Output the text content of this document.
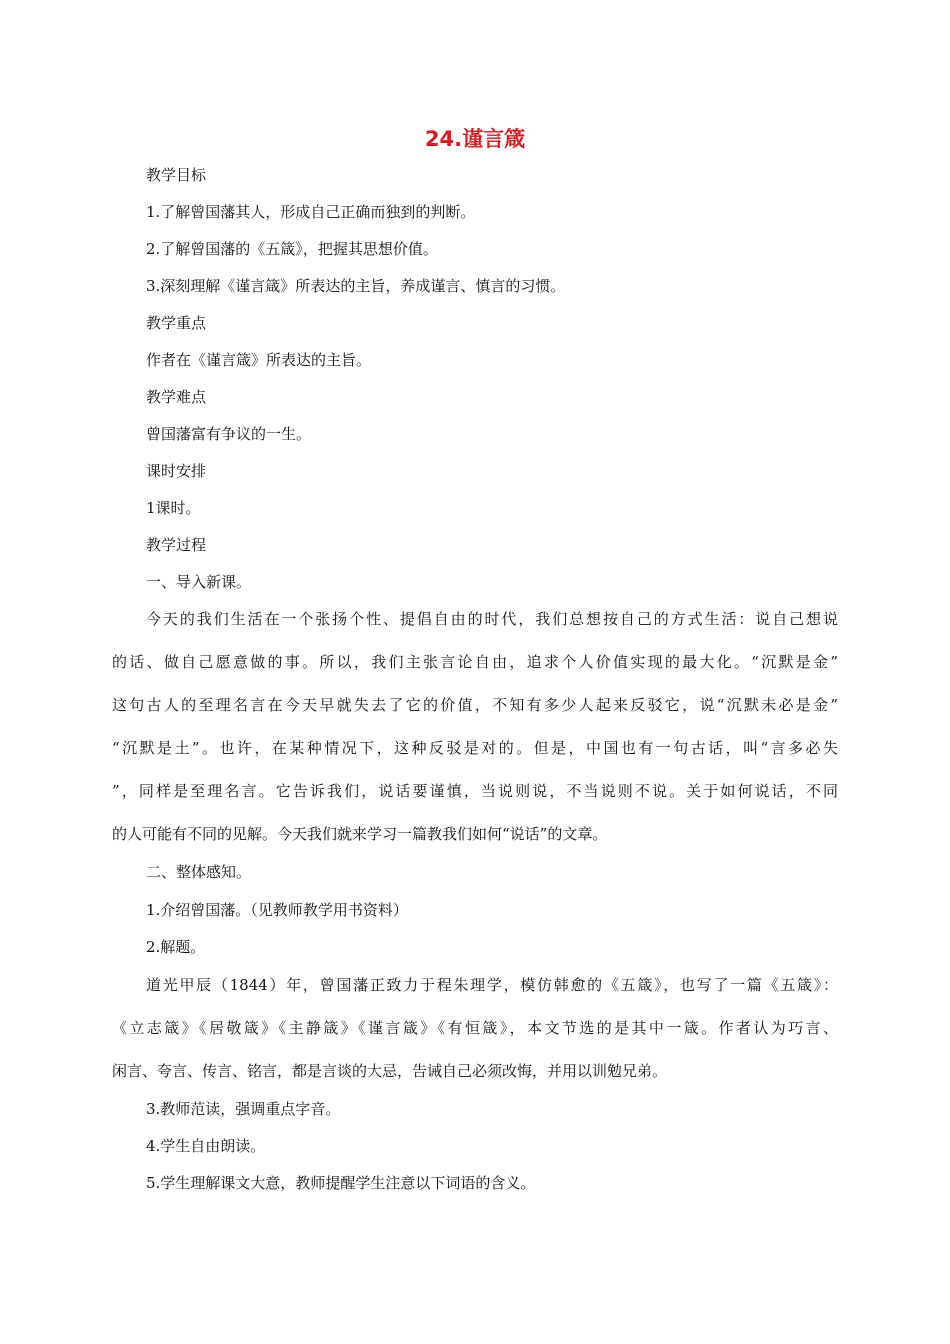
24.谨言箴
教学目标
1.了解曾国藩其人，形成自己正确而独到的判断。
2.了解曾国藩的《五箴》，把握其思想价值。
3.深刻理解《谨言箴》所表达的主旨，养成谨言、慎言的习惯。
教学重点
作者在《谨言箴》所表达的主旨。
教学难点
曾国藩富有争议的一生。
课时安排
1课时。
教学过程
一、导入新课。
今天的我们生活在一个张扬个性、提倡自由的时代，我们总想按自己的方式生活：说自己想说
的话、做自己愿意做的事。所以，我们主张言论自由，追求个人价值实现的最大化。“沉默是金”
这句古人的至理名言在今天早就失去了它的价值，不知有多少人起来反驳它，说“沉默未必是金”
“沉默是土”。也许，在某种情况下，这种反驳是对的。但是，中国也有一句古话，叫“言多必失
”，同样是至理名言。它告诉我们，说话要谨慎，当说则说，不当说则不说。关于如何说话，不同
的人可能有不同的见解。今天我们就来学习一篇教我们如何“说话”的文章。
二、整体感知。
1.介绍曾国藩。（见教师教学用书资料）
2.解题。
道光甲辰（1844）年，曾国藩正致力于程朱理学，模仿韩愈的《五箴》，也写了一篇《五箴》：
《立志箴》《居敬箴》《主静箴》《谨言箴》《有恒箴》，本文节选的是其中一箴。作者认为巧言、
闲言、夸言、传言、铭言，都是言谈的大忌，告诫自己必须改悔，并用以训勉兄弟。
3.教师范读，强调重点字音。
4.学生自由朗读。
5.学生理解课文大意，教师提醒学生注意以下词语的含义。
